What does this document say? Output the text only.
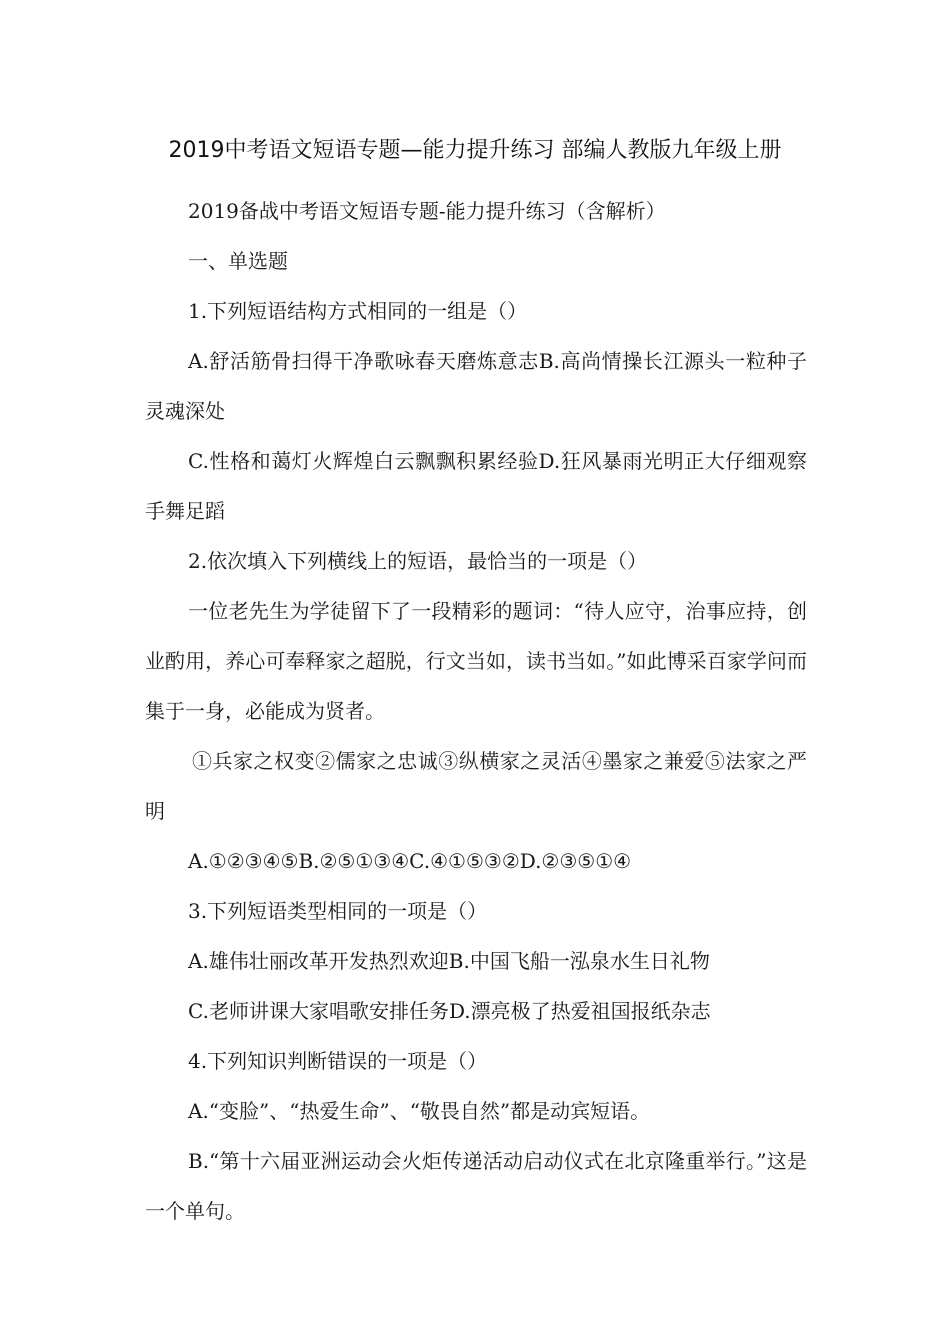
2019中考语文短语专题—能力提升练习 部编人教版九年级上册

2019备战中考语文短语专题-能力提升练习（含解析）

一、单选题

1.下列短语结构方式相同的一组是（）

A.舒活筋骨扫得干净歌咏春天磨炼意志B.高尚情操长江源头一粒种子灵魂深处

C.性格和蔼灯火辉煌白云飘飘积累经验D.狂风暴雨光明正大仔细观察手舞足蹈

2.依次填入下列横线上的短语，最恰当的一项是（）

一位老先生为学徒留下了一段精彩的题词：“待人应守，治事应持，创业酌用，养心可奉释家之超脱，行文当如，读书当如。”如此博采百家学问而集于一身，必能成为贤者。

①兵家之权变②儒家之忠诚③纵横家之灵活④墨家之兼爱⑤法家之严明

A.①②③④⑤B.②⑤①③④C.④①⑤③②D.②③⑤①④

3.下列短语类型相同的一项是（）

A.雄伟壮丽改革开发热烈欢迎B.中国飞船一泓泉水生日礼物

C.老师讲课大家唱歌安排任务D.漂亮极了热爱祖国报纸杂志

4.下列知识判断错误的一项是（）

A.“变脸”、“热爱生命”、“敬畏自然”都是动宾短语。

B.“第十六届亚洲运动会火炬传递活动启动仪式在北京隆重举行。”这是一个单句。
